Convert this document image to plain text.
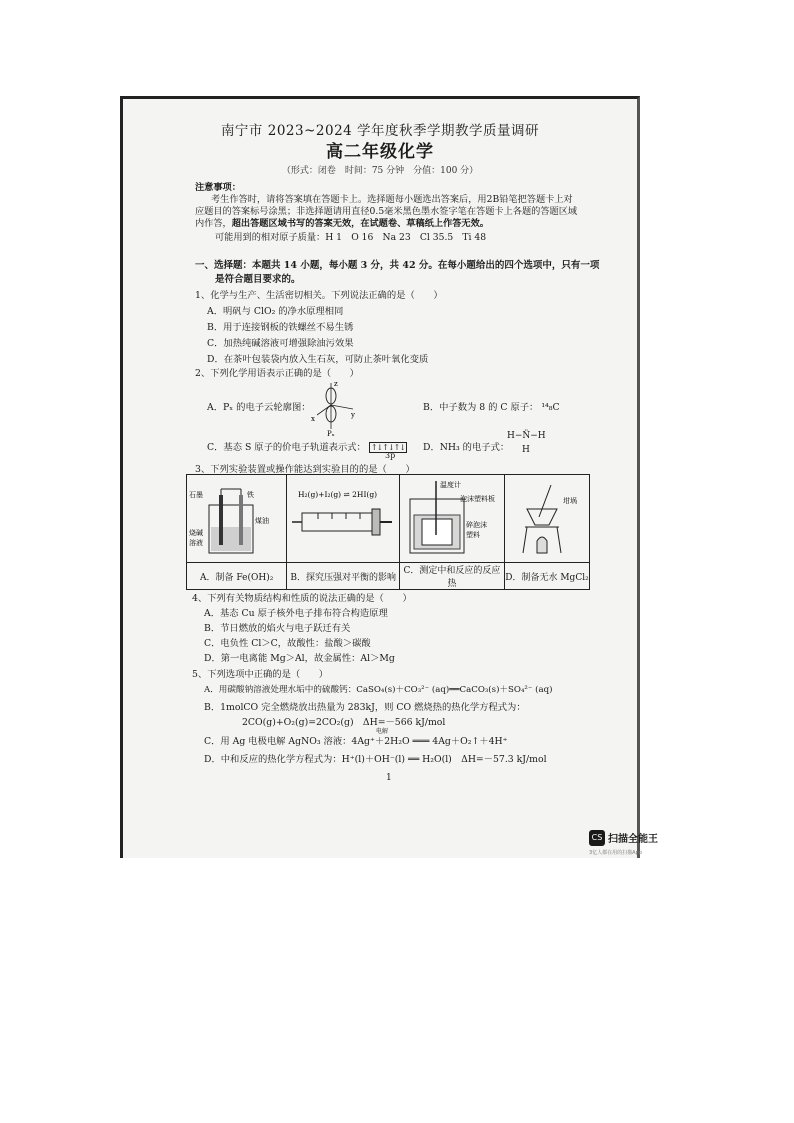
南宁市 2023~2024 学年度秋季学期教学质量调研
高二年级化学
（形式：闭卷　时间：75 分钟　分值：100 分）
注意事项：
考生作答时，请将答案填在答题卡上。选择题每小题选出答案后，用2B铅笔把答题卡上对
应题目的答案标号涂黑；非选择题请用直径0.5毫米黑色墨水签字笔在答题卡上各题的答题区域
内作答，超出答题区域书写的答案无效，在试题卷、草稿纸上作答无效。
可能用到的相对原子质量：H 1　O 16　Na 23　Cl 35.5　Ti 48
一、选择题：本题共 14 小题，每小题 3 分，共 42 分。在每小题给出的四个选项中，只有一项
是符合题目要求的。
1、化学与生产、生活密切相关。下列说法正确的是（　　）
A．明矾与 ClO₂ 的净水原理相同
B．用于连接钢板的铁螺丝不易生锈
C．加热纯碱溶液可增强除油污效果
D．在茶叶包装袋内放入生石灰，可防止茶叶氧化变质
2、下列化学用语表示正确的是（　　）
A．Pₓ 的电子云轮廓图：
z
x	y
Pₓ
B．中子数为 8 的 C 原子： ¹⁴₈C
C．基态 S 原子的价电子轨道表示式： ↑↓↑↓↑↓
3p
D．NH₃ 的电子式：
H−N̈−H
H
3、下列实验装置或操作能达到实验目的的是（　　）
石墨 铁
煤油
烧碱
溶液	H₂(g)+I₂(g) ⇌ 2HI(g)	温度计
泡沫塑料板
碎泡沫
塑料	坩埚

A．制备 Fe(OH)₂	B．探究压强对平衡的影响	C．测定中和反应的反应热	D．制备无水 MgCl₂
4、下列有关物质结构和性质的说法正确的是（　　）
A．基态 Cu 原子核外电子排布符合构造原理
B．节日燃放的焰火与电子跃迁有关
C．电负性 Cl＞C，故酸性：盐酸＞碳酸
D．第一电离能 Mg＞Al，故金属性：Al＞Mg
5、下列选项中正确的是（　　）
A．用碳酸钠溶液处理水垢中的硫酸钙：CaSO₄(s)＋CO₃²⁻ (aq)══CaCO₃(s)＋SO₄²⁻ (aq)
B．1molCO 完全燃烧放出热量为 283kJ，则 CO 燃烧热的热化学方程式为：
2CO(g)+O₂(g)=2CO₂(g)　ΔH=－566 kJ/mol
电解
C．用 Ag 电极电解 AgNO₃ 溶液：4Ag⁺＋2H₂O ═══ 4Ag＋O₂↑＋4H⁺
D．中和反应的热化学方程式为：H⁺(l)＋OH⁻(l) ══ H₂O(l)　ΔH=－57.3 kJ/mol
1
CS 扫描全能王
3亿人都在用的扫描App
